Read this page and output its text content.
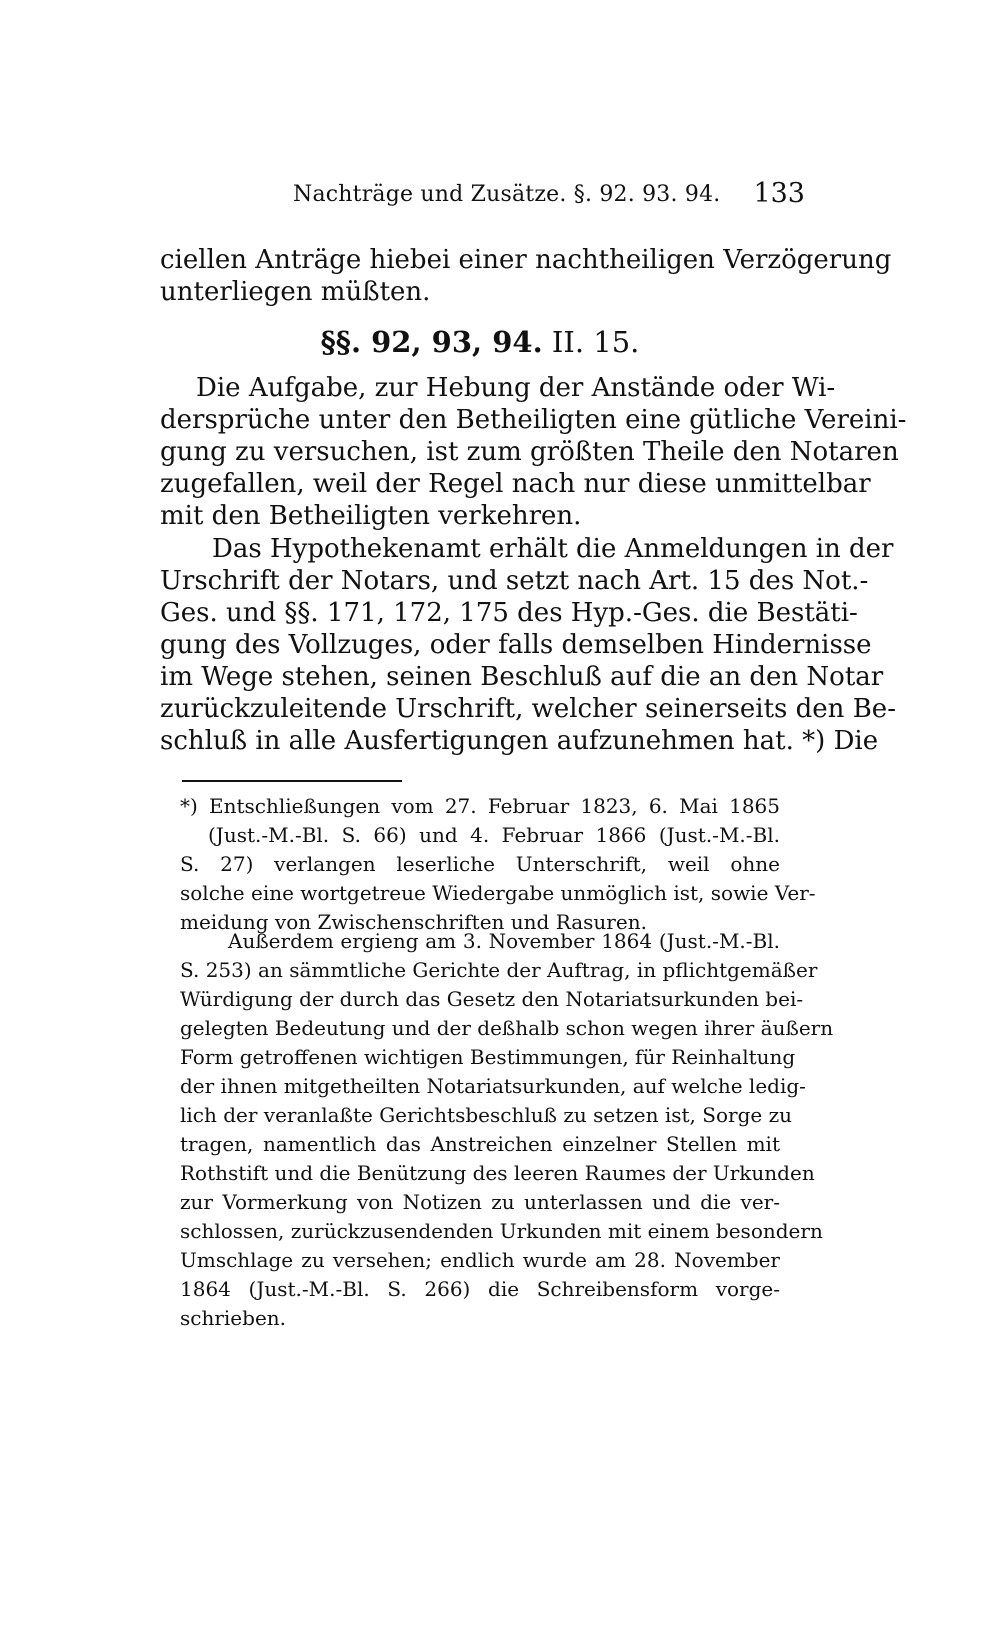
Nachträge und Zusätze. §. 92. 93. 94. 133
ciellen Anträge hiebei einer nachtheiligen Verzögerung
unterliegen müßten.
§§. 92, 93, 94. II. 15.
Die Aufgabe, zur Hebung der Anstände oder Wi-
dersprüche unter den Betheiligten eine gütliche Vereini-
gung zu versuchen, ist zum größten Theile den Notaren
zugefallen, weil der Regel nach nur diese unmittelbar
mit den Betheiligten verkehren.
Das Hypothekenamt erhält die Anmeldungen in der
Urschrift der Notars, und setzt nach Art. 15 des Not.-
Ges. und §§. 171, 172, 175 des Hyp.-Ges. die Bestäti-
gung des Vollzuges, oder falls demselben Hindernisse
im Wege stehen, seinen Beschluß auf die an den Notar
zurückzuleitende Urschrift, welcher seinerseits den Be-
schluß in alle Ausfertigungen aufzunehmen hat. *) Die
*) Entschließungen vom 27. Februar 1823, 6. Mai 1865
(Just.-M.-Bl. S. 66) und 4. Februar 1866 (Just.-M.-Bl.
S. 27) verlangen leserliche Unterschrift, weil ohne
solche eine wortgetreue Wiedergabe unmöglich ist, sowie Ver-
meidung von Zwischenschriften und Rasuren.
Außerdem ergieng am 3. November 1864 (Just.-M.-Bl.
S. 253) an sämmtliche Gerichte der Auftrag, in pflichtgemäßer
Würdigung der durch das Gesetz den Notariatsurkunden bei-
gelegten Bedeutung und der deßhalb schon wegen ihrer äußern
Form getroffenen wichtigen Bestimmungen, für Reinhaltung
der ihnen mitgetheilten Notariatsurkunden, auf welche ledig-
lich der veranlaßte Gerichtsbeschluß zu setzen ist, Sorge zu
tragen, namentlich das Anstreichen einzelner Stellen mit
Rothstift und die Benützung des leeren Raumes der Urkunden
zur Vormerkung von Notizen zu unterlassen und die ver-
schlossen, zurückzusendenden Urkunden mit einem besondern
Umschlage zu versehen; endlich wurde am 28. November
1864 (Just.-M.-Bl. S. 266) die Schreibensform vorge-
schrieben.
